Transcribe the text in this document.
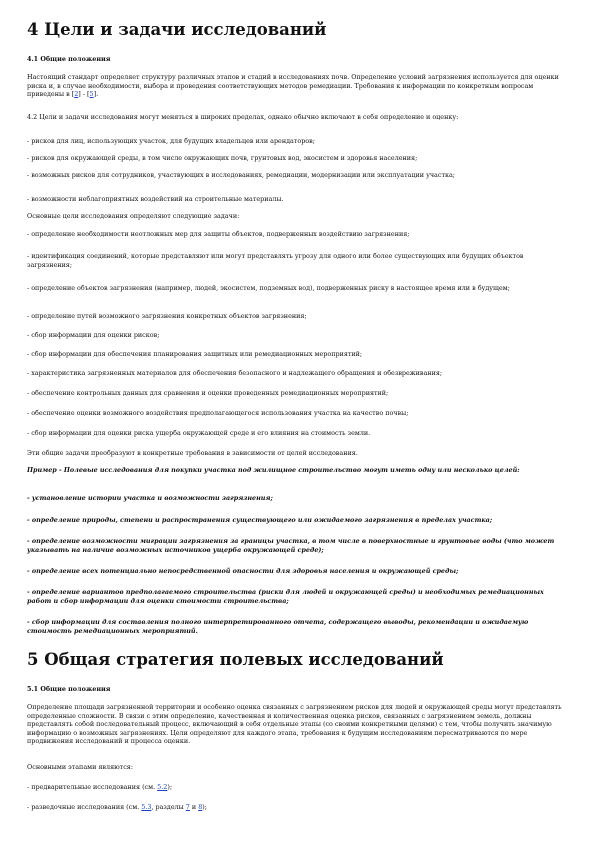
4 Цели и задачи исследований
4.1 Общие положения

Настоящий стандарт определяет структуру различных этапов и стадий в исследованиях почв. Определение условий загрязнения используется для оценки риска и, в случае необходимости, выбора и проведения соответствующих методов ремедиации. Требования к информации по конкретным вопросам приведены в [2] - [5].

4.2 Цели и задачи исследования могут меняться в широких пределах, однако обычно включают в себя определение и оценку:

- рисков для лиц, использующих участок, для будущих владельцев или арендаторов;

- рисков для окружающей среды, в том числе окружающих почв, грунтовых вод, экосистем и здоровья населения;

- возможных рисков для сотрудников, участвующих в исследованиях, ремедиации, модернизации или эксплуатации участка;

- возможности неблагоприятных воздействий на строительные материалы.

Основные цели исследования определяют следующие задачи:

- определение необходимости неотложных мер для защиты объектов, подверженных воздействию загрязнения;

- идентификация соединений, которые представляют или могут представлять угрозу для одного или более существующих или будущих объектов загрязнения;

- определение объектов загрязнения (например, людей, экосистем, подземных вод), подверженных риску в настоящее время или в будущем;

- определение путей возможного загрязнения конкретных объектов загрязнения;

- сбор информации для оценки рисков;

- сбор информации для обеспечения планирования защитных или ремедиационных мероприятий;

- характеристика загрязненных материалов для обеспечения безопасного и надлежащего обращения и обезвреживания;

- обеспечение контрольных данных для сравнения и оценки проведенных ремедиационных мероприятий;

- обеспечение оценки возможного воздействия предполагающегося использования участка на качество почвы;

- сбор информации для оценки риска ущерба окружающей среде и его влияния на стоимость земли.

Эти общие задачи преобразуют в конкретные требования в зависимости от целей исследования.

Пример - Полевые исследования для покупки участка под жилищное строительство могут иметь одну или несколько целей:

- установление истории участка и возможности загрязнения;

- определение природы, степени и распространения существующего или ожидаемого загрязнения в пределах участка;

- определение возможности миграции загрязнения за границы участка, в том числе в поверхностные и грунтовые воды (что может указывать на наличие возможных источников ущерба окружающей среде);

- определение всех потенциально непосредственной опасности для здоровья населения и окружающей среды;

- определение вариантов предполагаемого строительства (риски для людей и окружающей среды) и необходимых ремедиационных работ и сбор информации для оценки стоимости строительства;

- сбор информации для составления полного интерпретированного отчета, содержащего выводы, рекомендации и ожидаемую стоимость ремедиационных мероприятий.

5 Общая стратегия полевых исследований
5.1 Общие положения

Определение площади загрязненной территории и особенно оценка связанных с загрязнением рисков для людей и окружающей среды могут представлять определенные сложности. В связи с этим определение, качественная и количественная оценка рисков, связанных с загрязнением земель, должны представлять собой последовательный процесс, включающий в себя отдельные этапы (со своими конкретными целями) с тем, чтобы получить значимую информацию о возможных загрязнениях. Цели определяют для каждого этапа, требования к будущим исследованиям пересматриваются по мере продвижения исследований и процесса оценки.

Основными этапами являются:

- предварительные исследования (см. 5.2);

- разведочные исследования (см. 5.3, разделы 7 и 8);
